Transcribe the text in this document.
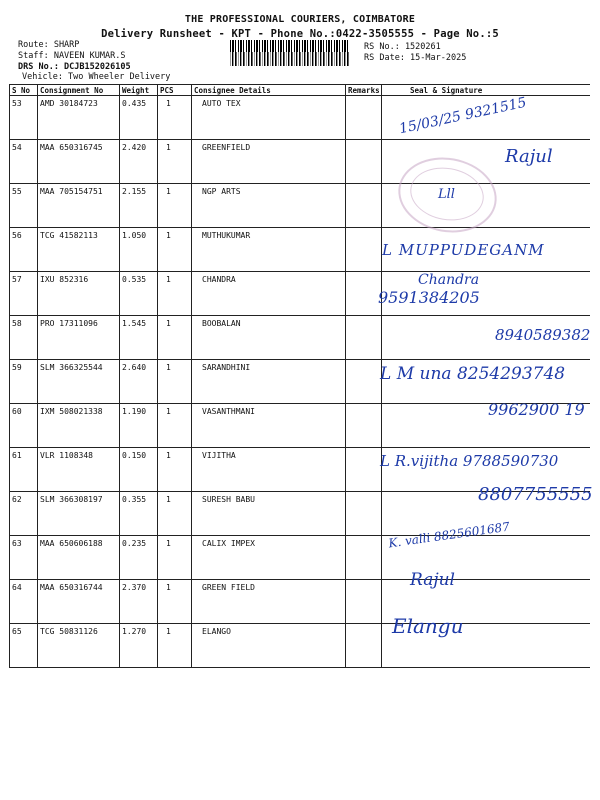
THE PROFESSIONAL COURIERS, COIMBATORE
Delivery Runsheet - KPT - Phone No.:0422-3505555 - Page No.:5
Route: SHARP
Staff: NAVEEN KUMAR.S
DRS No.: DCJB152026105
Vehicle: Two Wheeler Delivery
RS No.: 1520261
RS Date: 15-Mar-2025
S No	Consignment No	Weight	PCS	Consignee Details	Remarks	Seal & Signature
53	AMD 30184723	0.435	1	AUTO TEX		
54	MAA 650316745	2.420	1	GREENFIELD		
55	MAA 705154751	2.155	1	NGP ARTS		
56	TCG 41582113	1.050	1	MUTHUKUMAR		
57	IXU 852316	0.535	1	CHANDRA		
58	PRO 17311096	1.545	1	BOOBALAN		
59	SLM 366325544	2.640	1	SARANDHINI		
60	IXM 508021338	1.190	1	VASANTHMANI		
61	VLR 1108348	0.150	1	VIJITHA		
62	SLM 366308197	0.355	1	SURESH BABU		
63	MAA 650606188	0.235	1	CALIX IMPEX		
64	MAA 650316744	2.370	1	GREEN FIELD		
65	TCG 50831126	1.270	1	ELANGO		
15/03/25 9321515
Rajul
Lll
L MUPPUDEGANM
Chandra
9591384205
8940589382
L M una 8254293748
9962900 19
L R.vijitha 9788590730
8807755555
K. valli 8825601687
Rajul
Elangu
